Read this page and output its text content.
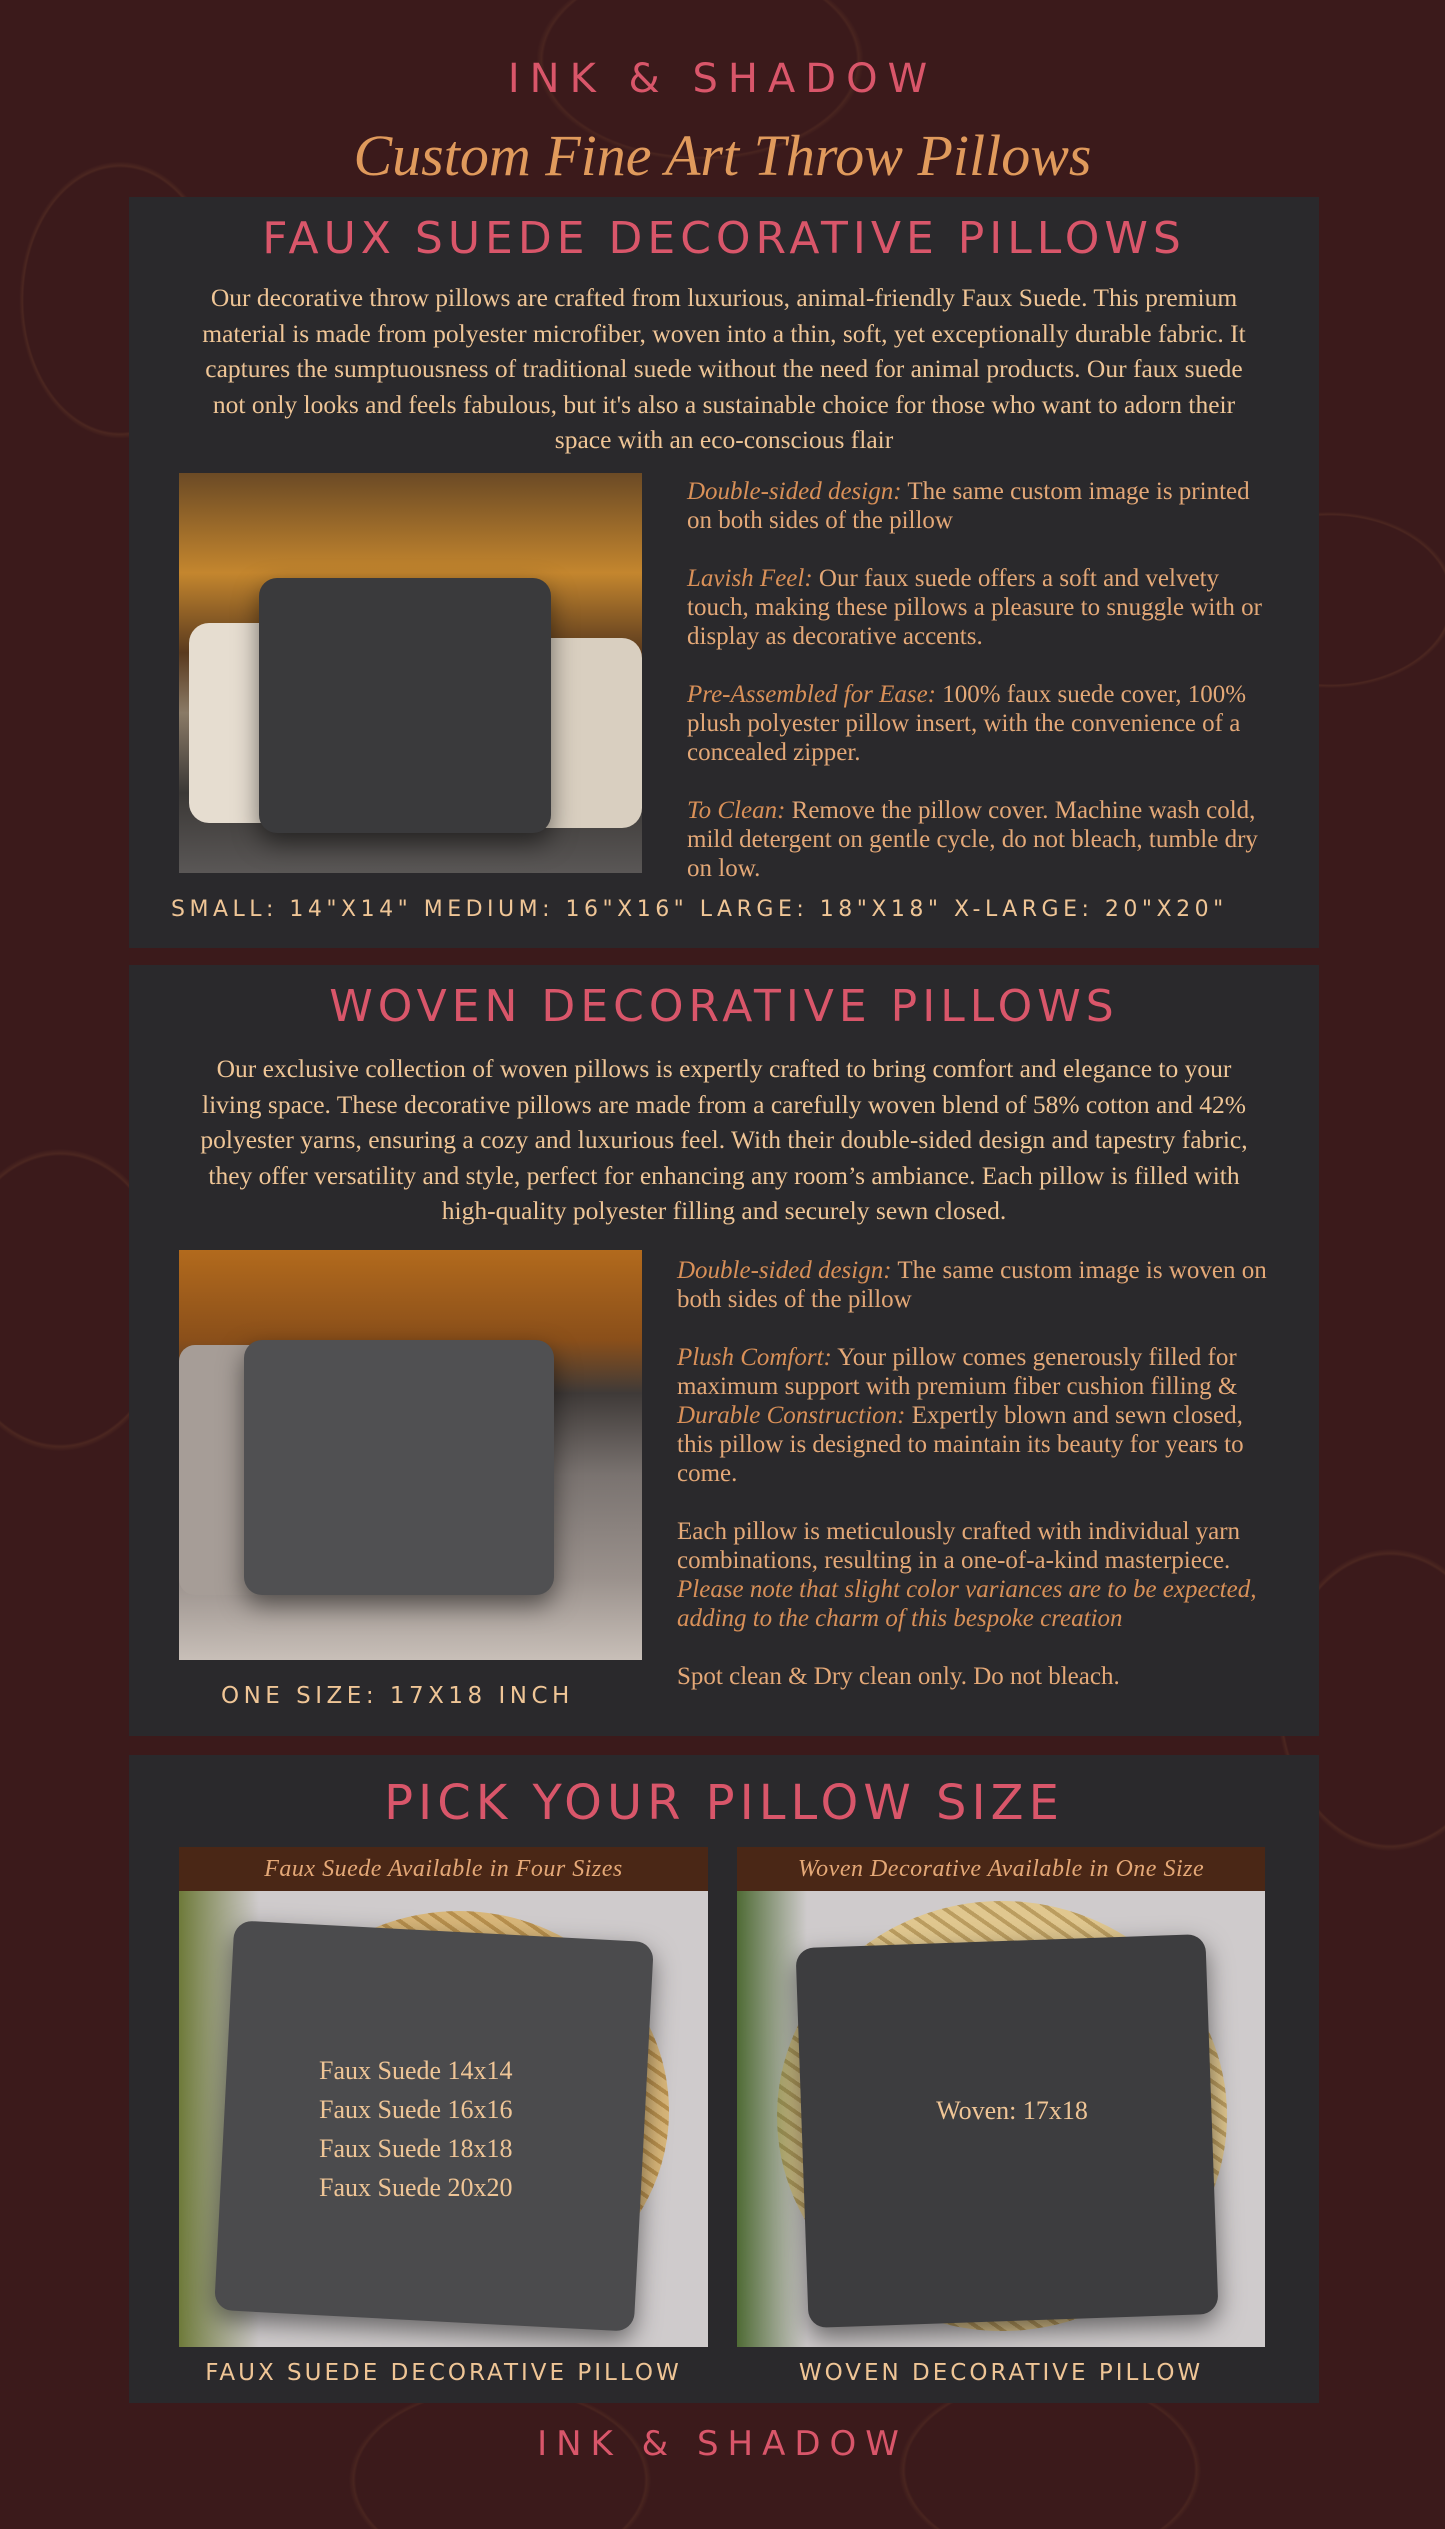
INK & SHADOW
Custom Fine Art Throw Pillows
FAUX SUEDE DECORATIVE PILLOWS
Our decorative throw pillows are crafted from luxurious, animal-friendly Faux Suede. This premium material is made from polyester microfiber, woven into a thin, soft, yet exceptionally durable fabric. It captures the sumptuousness of traditional suede without the need for animal products. Our faux suede not only looks and feels fabulous, but it's also a sustainable choice for those who want to adorn their space with an eco-conscious flair

Double-sided design: The same custom image is printed on both sides of the pillow

Lavish Feel: Our faux suede offers a soft and velvety touch, making these pillows a pleasure to snuggle with or display as decorative accents.

Pre-Assembled for Ease: 100% faux suede cover, 100% plush polyester pillow insert, with the convenience of a concealed zipper.

To Clean: Remove the pillow cover. Machine wash cold, mild detergent on gentle cycle, do not bleach, tumble dry on low.

SMALL: 14"X14" MEDIUM: 16"X16" LARGE: 18"X18" X-LARGE: 20"X20"
WOVEN DECORATIVE PILLOWS
Our exclusive collection of woven pillows is expertly crafted to bring comfort and elegance to your living space. These decorative pillows are made from a carefully woven blend of 58% cotton and 42% polyester yarns, ensuring a cozy and luxurious feel. With their double-sided design and tapestry fabric, they offer versatility and style, perfect for enhancing any room’s ambiance. Each pillow is filled with high-quality polyester filling and securely sewn closed.
ONE SIZE: 17X18 INCH

Double-sided design: The same custom image is woven on both sides of the pillow

Plush Comfort: Your pillow comes generously filled for maximum support with premium fiber cushion filling & Durable Construction: Expertly blown and sewn closed, this pillow is designed to maintain its beauty for years to come.

Each pillow is meticulously crafted with individual yarn combinations, resulting in a one-of-a-kind masterpiece. Please note that slight color variances are to be expected, adding to the charm of this bespoke creation

Spot clean & Dry clean only. Do not bleach.

PICK YOUR PILLOW SIZE
Faux Suede Available in Four Sizes
Faux Suede 14x14
Faux Suede 16x16
Faux Suede 18x18
Faux Suede 20x20
FAUX SUEDE DECORATIVE PILLOW
Woven Decorative Available in One Size
Woven: 17x18
WOVEN DECORATIVE PILLOW
INK & SHADOW
